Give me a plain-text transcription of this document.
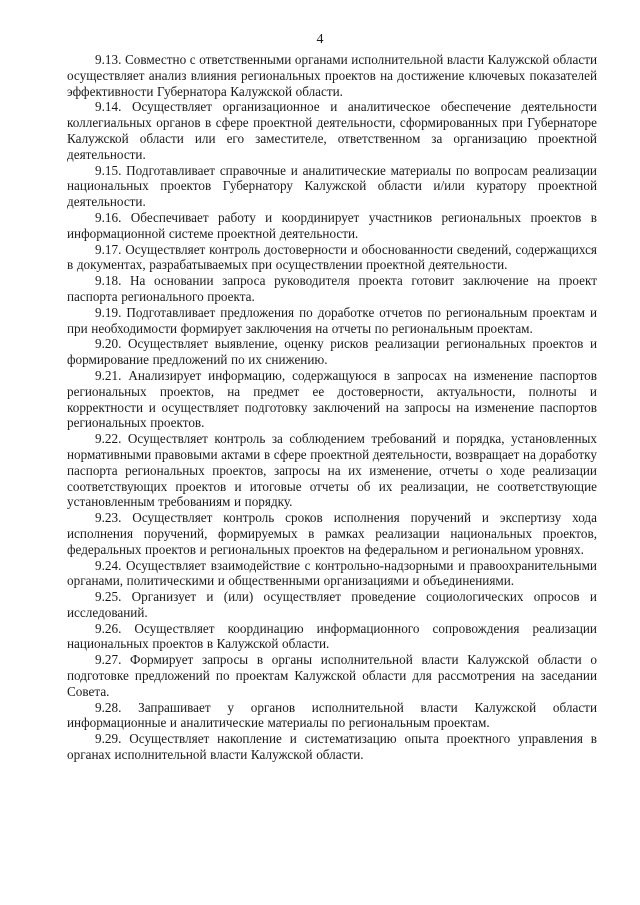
4

9.13. Совместно с ответственными органами исполнительной власти Калужской области осуществляет анализ влияния региональных проектов на достижение ключевых показателей эффективности Губернатора Калужской области.

9.14. Осуществляет организационное и аналитическое обеспечение деятельности коллегиальных органов в сфере проектной деятельности, сформированных при Губернаторе Калужской области или его заместителе, ответственном за организацию проектной деятельности.

9.15. Подготавливает справочные и аналитические материалы по вопросам реализации национальных проектов Губернатору Калужской области и/или куратору проектной деятельности.

9.16. Обеспечивает работу и координирует участников региональных проектов в информационной системе проектной деятельности.

9.17. Осуществляет контроль достоверности и обоснованности сведений, содержащихся в документах, разрабатываемых при осуществлении проектной деятельности.

9.18. На основании запроса руководителя проекта готовит заключение на проект паспорта регионального проекта.

9.19. Подготавливает предложения по доработке отчетов по региональным проектам и при необходимости формирует заключения на отчеты по региональным проектам.

9.20. Осуществляет выявление, оценку рисков реализации региональных проектов и формирование предложений по их снижению.

9.21. Анализирует информацию, содержащуюся в запросах на изменение паспортов региональных проектов, на предмет ее достоверности, актуальности, полноты и корректности и осуществляет подготовку заключений на запросы на изменение паспортов региональных проектов.

9.22. Осуществляет контроль за соблюдением требований и порядка, установленных нормативными правовыми актами в сфере проектной деятельности, возвращает на доработку паспорта региональных проектов, запросы на их изменение, отчеты о ходе реализации соответствующих проектов и итоговые отчеты об их реализации, не соответствующие установленным требованиям и порядку.

9.23. Осуществляет контроль сроков исполнения поручений и экспертизу хода исполнения поручений, формируемых в рамках реализации национальных проектов, федеральных проектов и региональных проектов на федеральном и региональном уровнях.

9.24. Осуществляет взаимодействие с контрольно-надзорными и правоохранительными органами, политическими и общественными организациями и объединениями.

9.25. Организует и (или) осуществляет проведение социологических опросов и исследований.

9.26. Осуществляет координацию информационного сопровождения реализации национальных проектов в Калужской области.

9.27. Формирует запросы в органы исполнительной власти Калужской области о подготовке предложений по проектам Калужской области для рассмотрения на заседании Совета.

9.28. Запрашивает у органов исполнительной власти Калужской области информационные и аналитические материалы по региональным проектам.

9.29. Осуществляет накопление и систематизацию опыта проектного управления в органах исполнительной власти Калужской области.
